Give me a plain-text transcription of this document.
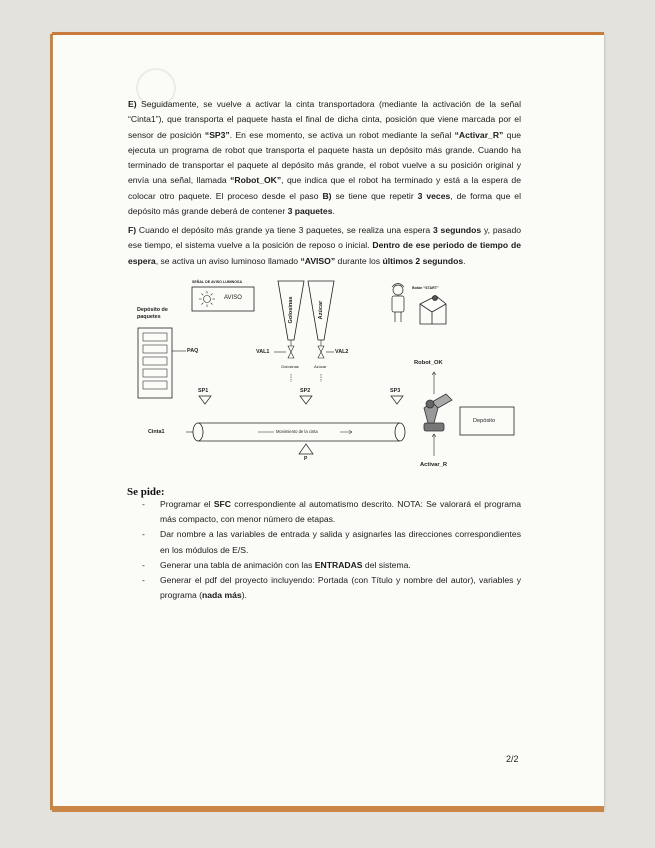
E) Seguidamente, se vuelve a activar la cinta transportadora (mediante la activación de la señal “Cinta1”), que transporta el paquete hasta el final de dicha cinta, posición que viene marcada por el sensor de posición “SP3”. En ese momento, se activa un robot mediante la señal “Activar_R” que ejecuta un programa de robot que transporta el paquete hasta un depósito más grande. Cuando ha terminado de transportar el paquete al depósito más grande, el robot vuelve a su posición original y envía una señal, llamada “Robot_OK”, que indica que el robot ha terminado y está a la espera de colocar otro paquete. El proceso desde el paso B) se tiene que repetir 3 veces, de forma que el depósito más grande deberá de contener 3 paquetes.
F) Cuando el depósito más grande ya tiene 3 paquetes, se realiza una espera 3 segundos y, pasado ese tiempo, el sistema vuelve a la posición de reposo o inicial. Dentro de ese periodo de tiempo de espera, se activa un aviso luminoso llamado “AVISO” durante los últimos 2 segundos.
SEÑAL DE AVISO LUMINOSA
AVISO
Depósito de paquetes
PAQ
Golosinas	Azúcar
VAL1	VAL2
Golosinas	Azúcar
Botón “START”
Robot_OK
SP1	SP2	SP3
Cinta1	Movimiento de la cinta
P
Depósito
Activar_R
Se pide:
- Programar el SFC correspondiente al automatismo descrito. NOTA: Se valorará el programa más compacto, con menor número de etapas.
- Dar nombre a las variables de entrada y salida y asignarles las direcciones correspondientes en los módulos de E/S.
- Generar una tabla de animación con las ENTRADAS del sistema.
- Generar el pdf del proyecto incluyendo: Portada (con Título y nombre del autor), variables y programa (nada más).
2/2
